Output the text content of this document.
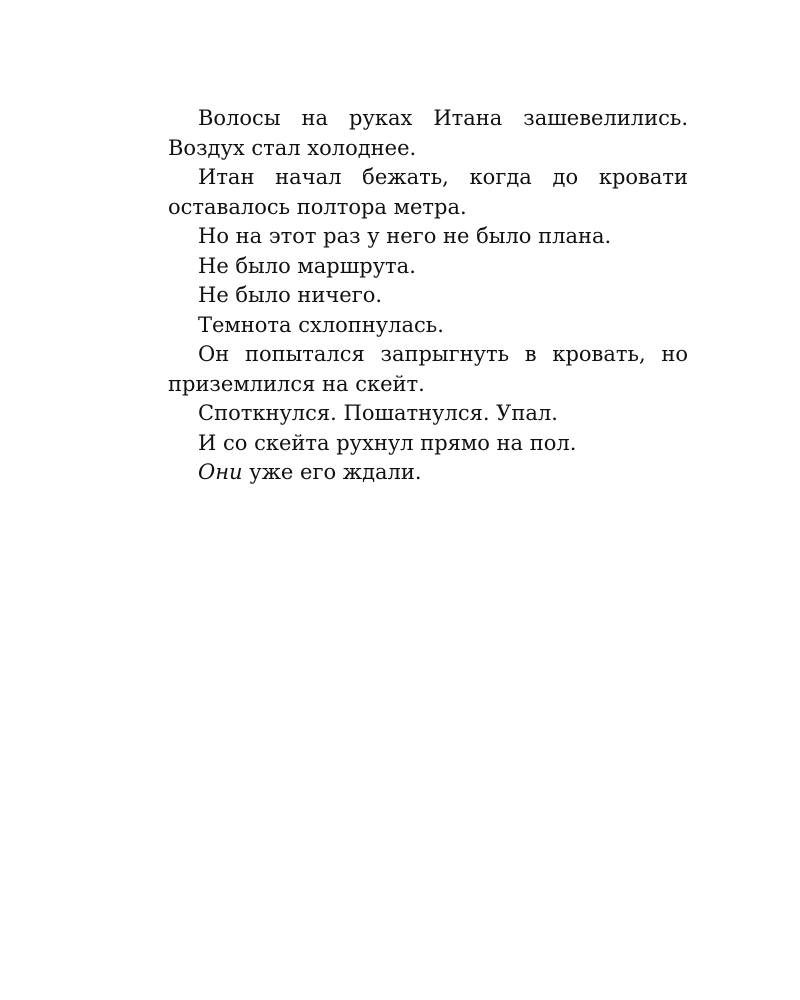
Волосы на руках Итана зашевелились. Воздух стал холоднее.

Итан начал бежать, когда до кровати оставалось полтора метра.

Но на этот раз у него не было плана.

Не было маршрута.

Не было ничего.

Темнота схлопнулась.

Он попытался запрыгнуть в кровать, но приземлился на скейт.

Споткнулся. Пошатнулся. Упал.

И со скейта рухнул прямо на пол.

Они уже его ждали.
